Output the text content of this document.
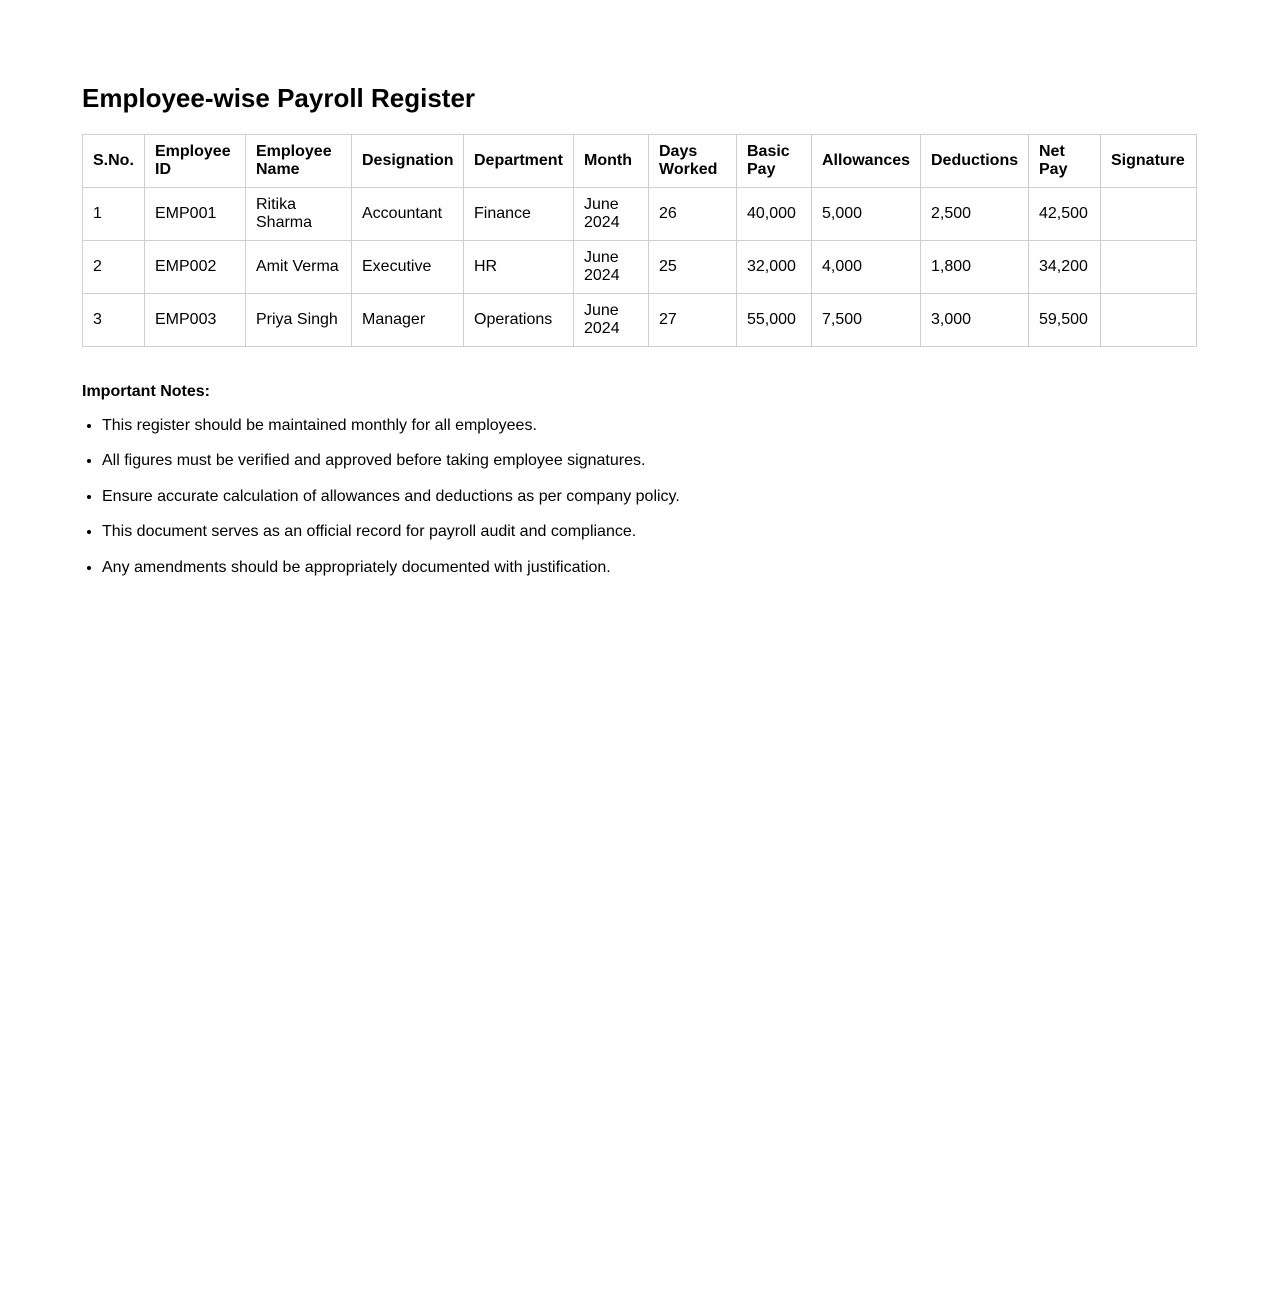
Employee-wise Payroll Register
S.No.	Employee ID	Employee Name	Designation	Department	Month	Days Worked	Basic Pay	Allowances	Deductions	Net Pay	Signature
1	EMP001	Ritika Sharma	Accountant	Finance	June 2024	26	40,000	5,000	2,500	42,500	
2	EMP002	Amit Verma	Executive	HR	June 2024	25	32,000	4,000	1,800	34,200	
3	EMP003	Priya Singh	Manager	Operations	June 2024	27	55,000	7,500	3,000	59,500	

Important Notes:

• This register should be maintained monthly for all employees.
• All figures must be verified and approved before taking employee signatures.
• Ensure accurate calculation of allowances and deductions as per company policy.
• This document serves as an official record for payroll audit and compliance.
• Any amendments should be appropriately documented with justification.
